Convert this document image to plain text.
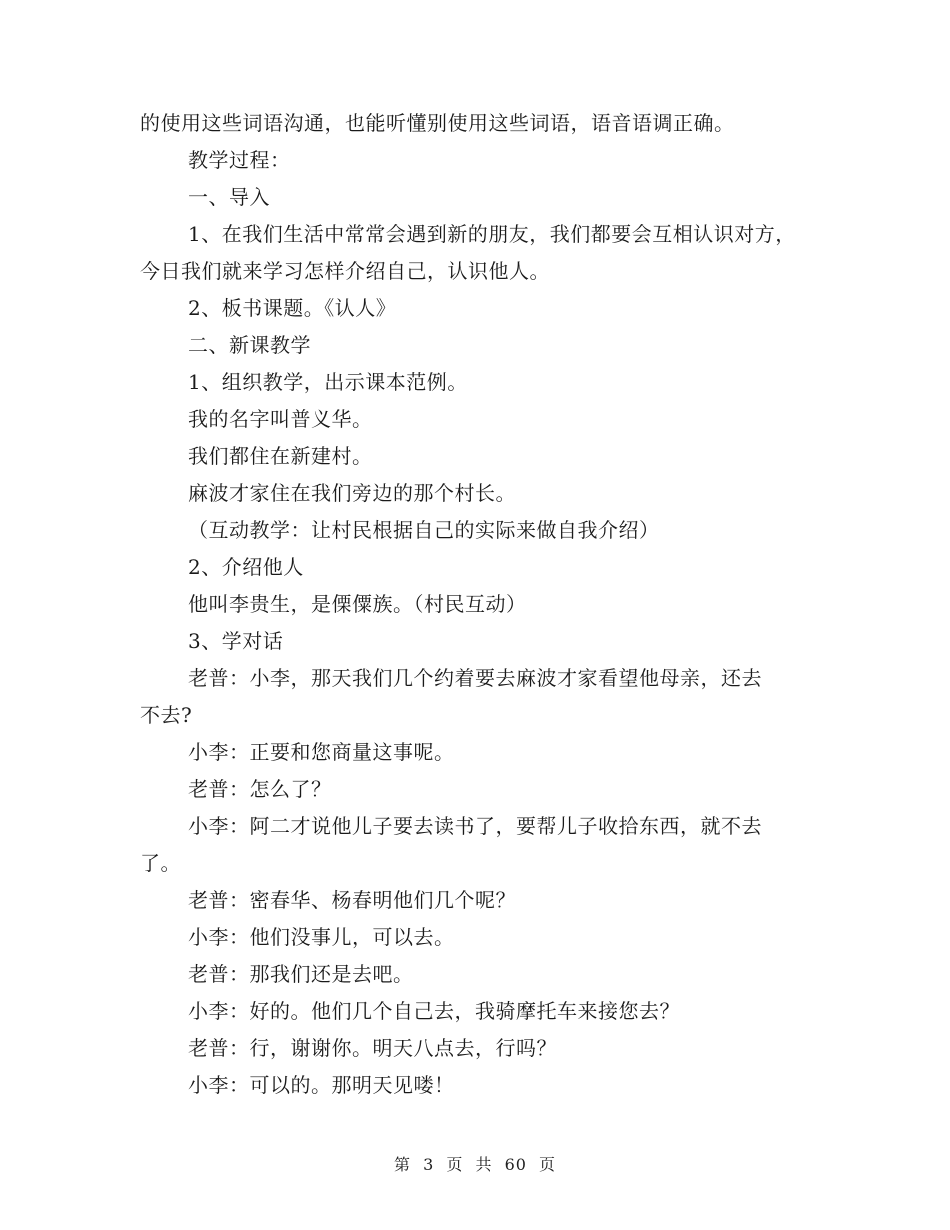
的使用这些词语沟通，也能听懂别使用这些词语，语音语调正确。
教学过程：
一、导入
1、在我们生活中常常会遇到新的朋友，我们都要会互相认识对方，
今日我们就来学习怎样介绍自己，认识他人。
2、板书课题。《认人》
二、新课教学
1、组织教学，出示课本范例。
我的名字叫普义华。
我们都住在新建村。
麻波才家住在我们旁边的那个村长。
（互动教学：让村民根据自己的实际来做自我介绍）
2、介绍他人
他叫李贵生，是傈僳族。（村民互动）
3、学对话
老普：小李，那天我们几个约着要去麻波才家看望他母亲，还去
不去?
小李：正要和您商量这事呢。
老普：怎么了？
小李：阿二才说他儿子要去读书了，要帮儿子收拾东西，就不去
了。
老普：密春华、杨春明他们几个呢？
小李：他们没事儿，可以去。
老普：那我们还是去吧。
小李：好的。他们几个自己去，我骑摩托车来接您去？
老普：行，谢谢你。明天八点去，行吗？
小李：可以的。那明天见喽！
第 3 页 共 60 页
